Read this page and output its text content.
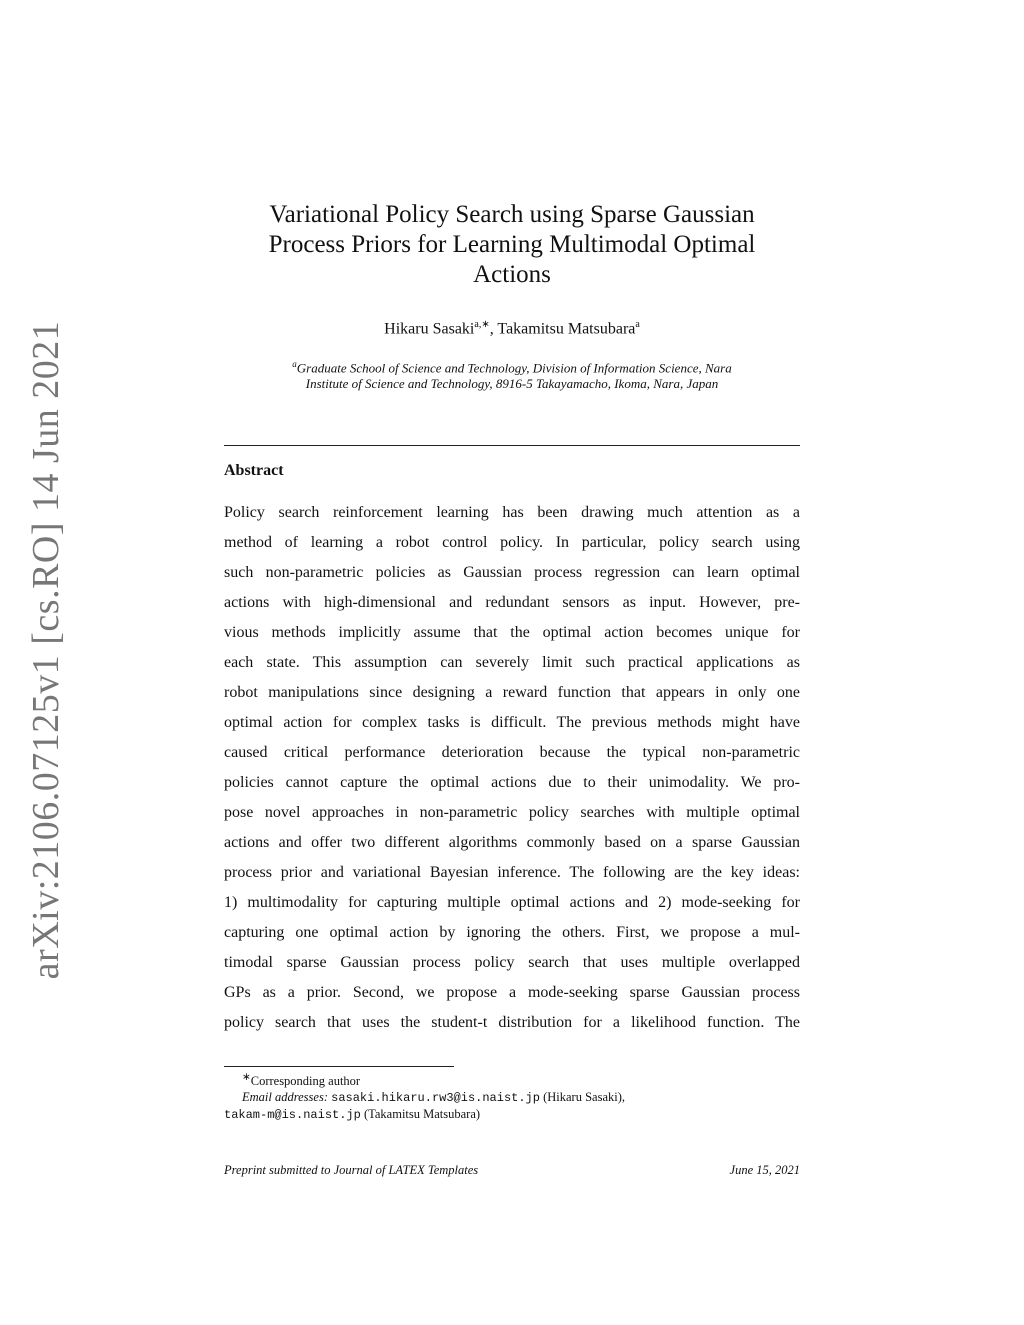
arXiv:2106.07125v1 [cs.RO] 14 Jun 2021
Variational Policy Search using Sparse Gaussian
Process Priors for Learning Multimodal Optimal
Actions
Hikaru Sasaki$^{a,∗}$, Takamitsu Matsubara$^a$
$^a$Graduate School of Science and Technology, Division of Information Science, Nara
Institute of Science and Technology, 8916-5 Takayamacho, Ikoma, Nara, Japan
Abstract
Policy search reinforcement learning has been drawing much attention as a
method of learning a robot control policy. In particular, policy search using
such non-parametric policies as Gaussian process regression can learn optimal
actions with high-dimensional and redundant sensors as input. However, pre-
vious methods implicitly assume that the optimal action becomes unique for
each state. This assumption can severely limit such practical applications as
robot manipulations since designing a reward function that appears in only one
optimal action for complex tasks is difficult. The previous methods might have
caused critical performance deterioration because the typical non-parametric
policies cannot capture the optimal actions due to their unimodality. We pro-
pose novel approaches in non-parametric policy searches with multiple optimal
actions and offer two different algorithms commonly based on a sparse Gaussian
process prior and variational Bayesian inference. The following are the key ideas:
1) multimodality for capturing multiple optimal actions and 2) mode-seeking for
capturing one optimal action by ignoring the others. First, we propose a mul-
timodal sparse Gaussian process policy search that uses multiple overlapped
GPs as a prior. Second, we propose a mode-seeking sparse Gaussian process
policy search that uses the student-t distribution for a likelihood function. The
∗Corresponding author
Email addresses: sasaki.hikaru.rw3@is.naist.jp (Hikaru Sasaki),
takam-m@is.naist.jp (Takamitsu Matsubara)
Preprint submitted to Journal of LATEX Templates	June 15, 2021
